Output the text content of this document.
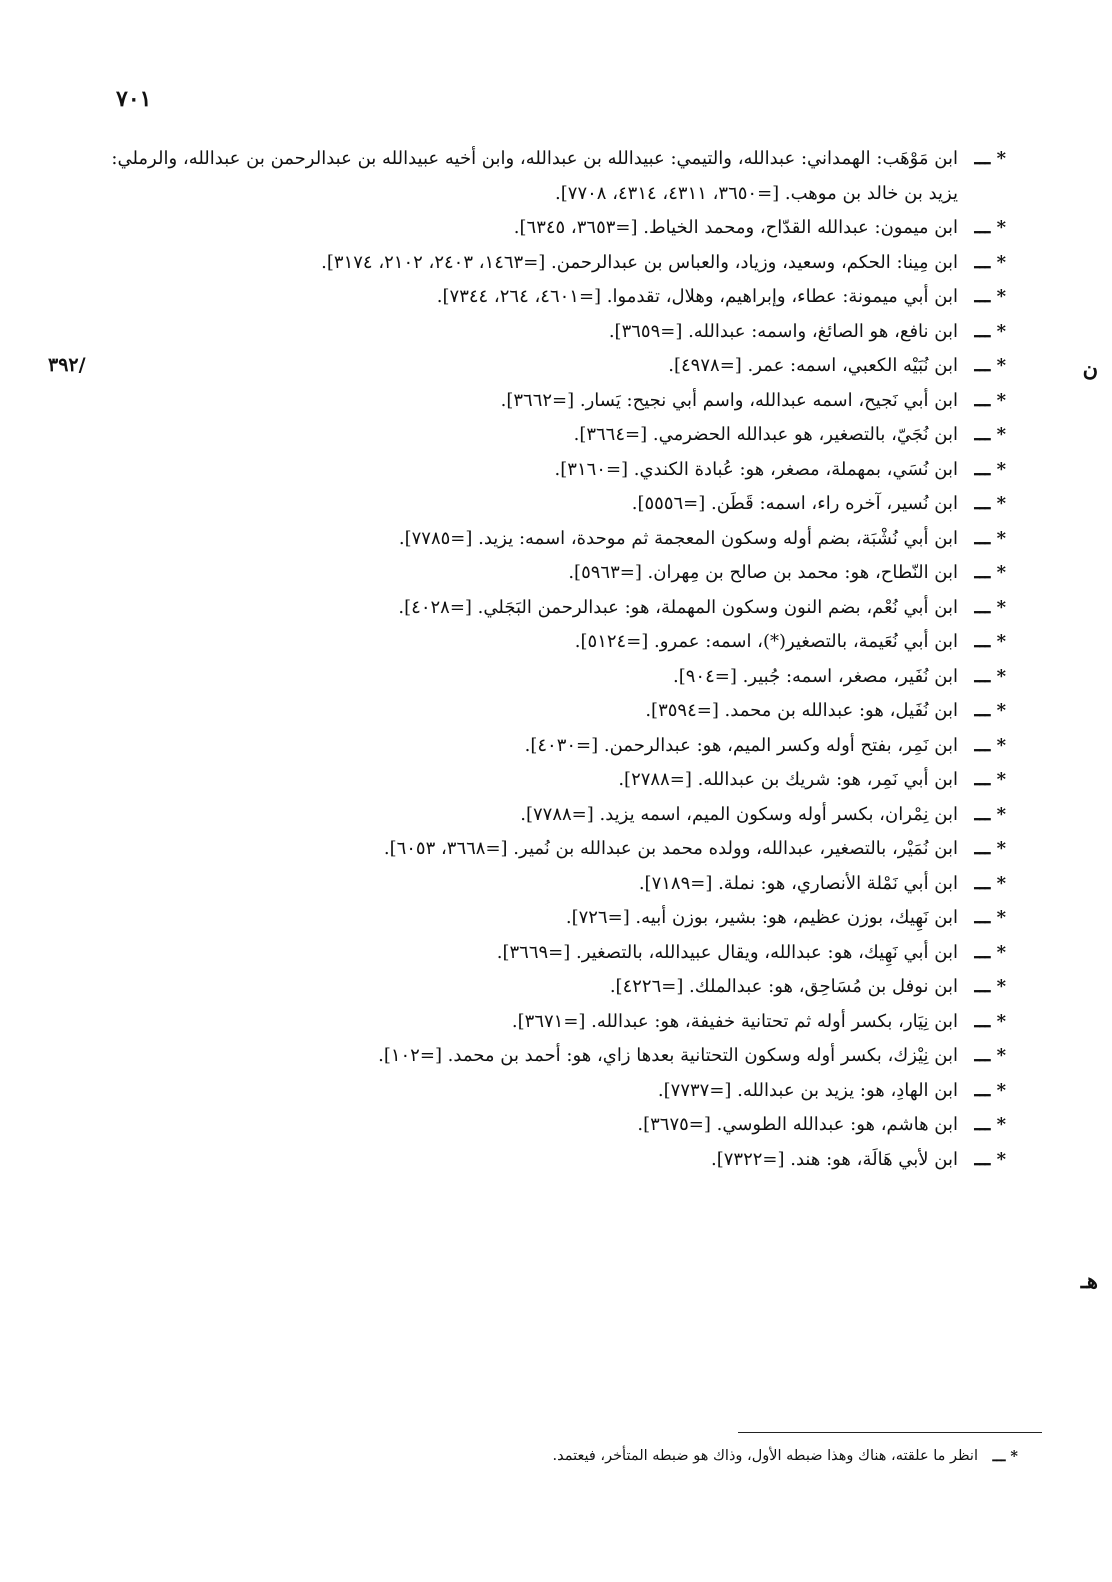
٧٠١
/٣٩٢	ن
هـ
* ـــ
ابن مَوْهَب: الهمداني: عبدالله، والتيمي: عبيدالله بن عبدالله، وابن أخيه عبيدالله بن عبدالرحمن بن عبدالله، والرملي: يزيد بن خالد بن موهب. [=٣٦٥٠، ٤٣١١، ٤٣١٤، ٧٧٠٨].
* ـــ
ابن ميمون: عبدالله القدّاح، ومحمد الخياط. [=٣٦٥٣، ٦٣٤٥].
* ـــ
ابن مِينا: الحكم، وسعيد، وزياد، والعباس بن عبدالرحمن. [=١٤٦٣، ٢٤٠٣، ٢١٠٢، ٣١٧٤].
* ـــ
ابن أبي ميمونة: عطاء، وإبراهيم، وهلال، تقدموا. [=٤٦٠١، ٢٦٤، ٧٣٤٤].
* ـــ
ابن نافع، هو الصائغ، واسمه: عبدالله. [=٣٦٥٩].
* ـــ
ابن نُبَيْه الكعبي، اسمه: عمر. [=٤٩٧٨].
* ـــ
ابن أبي نَجيح، اسمه عبدالله، واسم أبي نجيح: يَسار. [=٣٦٦٢].
* ـــ
ابن نُجَيّ، بالتصغير، هو عبدالله الحضرمي. [=٣٦٦٤].
* ـــ
ابن نُسَي، بمهملة، مصغر، هو: عُبادة الكندي. [=٣١٦٠].
* ـــ
ابن نُسير، آخره راء، اسمه: قَطَن. [=٥٥٥٦].
* ـــ
ابن أبي نُشْبَة، بضم أوله وسكون المعجمة ثم موحدة، اسمه: يزيد. [=٧٧٨٥].
* ـــ
ابن النّطاح، هو: محمد بن صالح بن مِهران. [=٥٩٦٣].
* ـــ
ابن أبي نُعْم، بضم النون وسكون المهملة، هو: عبدالرحمن البَجَلي. [=٤٠٢٨].
* ـــ
ابن أبي نُعَيمة، بالتصغير(*)، اسمه: عمرو. [=٥١٢٤].
* ـــ
ابن نُفَير، مصغر، اسمه: جُبير. [=٩٠٤].
* ـــ
ابن نُفَيل، هو: عبدالله بن محمد. [=٣٥٩٤].
* ـــ
ابن نَمِر، بفتح أوله وكسر الميم، هو: عبدالرحمن. [=٤٠٣٠].
* ـــ
ابن أبي نَمِر، هو: شريك بن عبدالله. [=٢٧٨٨].
* ـــ
ابن نِمْران، بكسر أوله وسكون الميم، اسمه يزيد. [=٧٧٨٨].
* ـــ
ابن نُمَيْر، بالتصغير، عبدالله، وولده محمد بن عبدالله بن نُمير. [=٣٦٦٨، ٦٠٥٣].
* ـــ
ابن أبي نَمْلة الأنصاري، هو: نملة. [=٧١٨٩].
* ـــ
ابن نَهِيك، بوزن عظيم، هو: بشير، بوزن أبيه. [=٧٢٦].
* ـــ
ابن أبي نَهِيك، هو: عبدالله، ويقال عبيدالله، بالتصغير. [=٣٦٦٩].
* ـــ
ابن نوفل بن مُسَاحِق، هو: عبدالملك. [=٤٢٢٦].
* ـــ
ابن نِيَار، بكسر أوله ثم تحتانية خفيفة، هو: عبدالله. [=٣٦٧١].
* ـــ
ابن نِيْزك، بكسر أوله وسكون التحتانية بعدها زاي، هو: أحمد بن محمد. [=١٠٢].
* ـــ
ابن الهادِ، هو: يزيد بن عبدالله. [=٧٧٣٧].
* ـــ
ابن هاشم، هو: عبدالله الطوسي. [=٣٦٧٥].
* ـــ
ابن لأبي هَالَة، هو: هند. [=٧٣٢٢].
* ـــ
انظر ما علقته، هناك وهذا ضبطه الأول، وذاك هو ضبطه المتأخر، فيعتمد.
